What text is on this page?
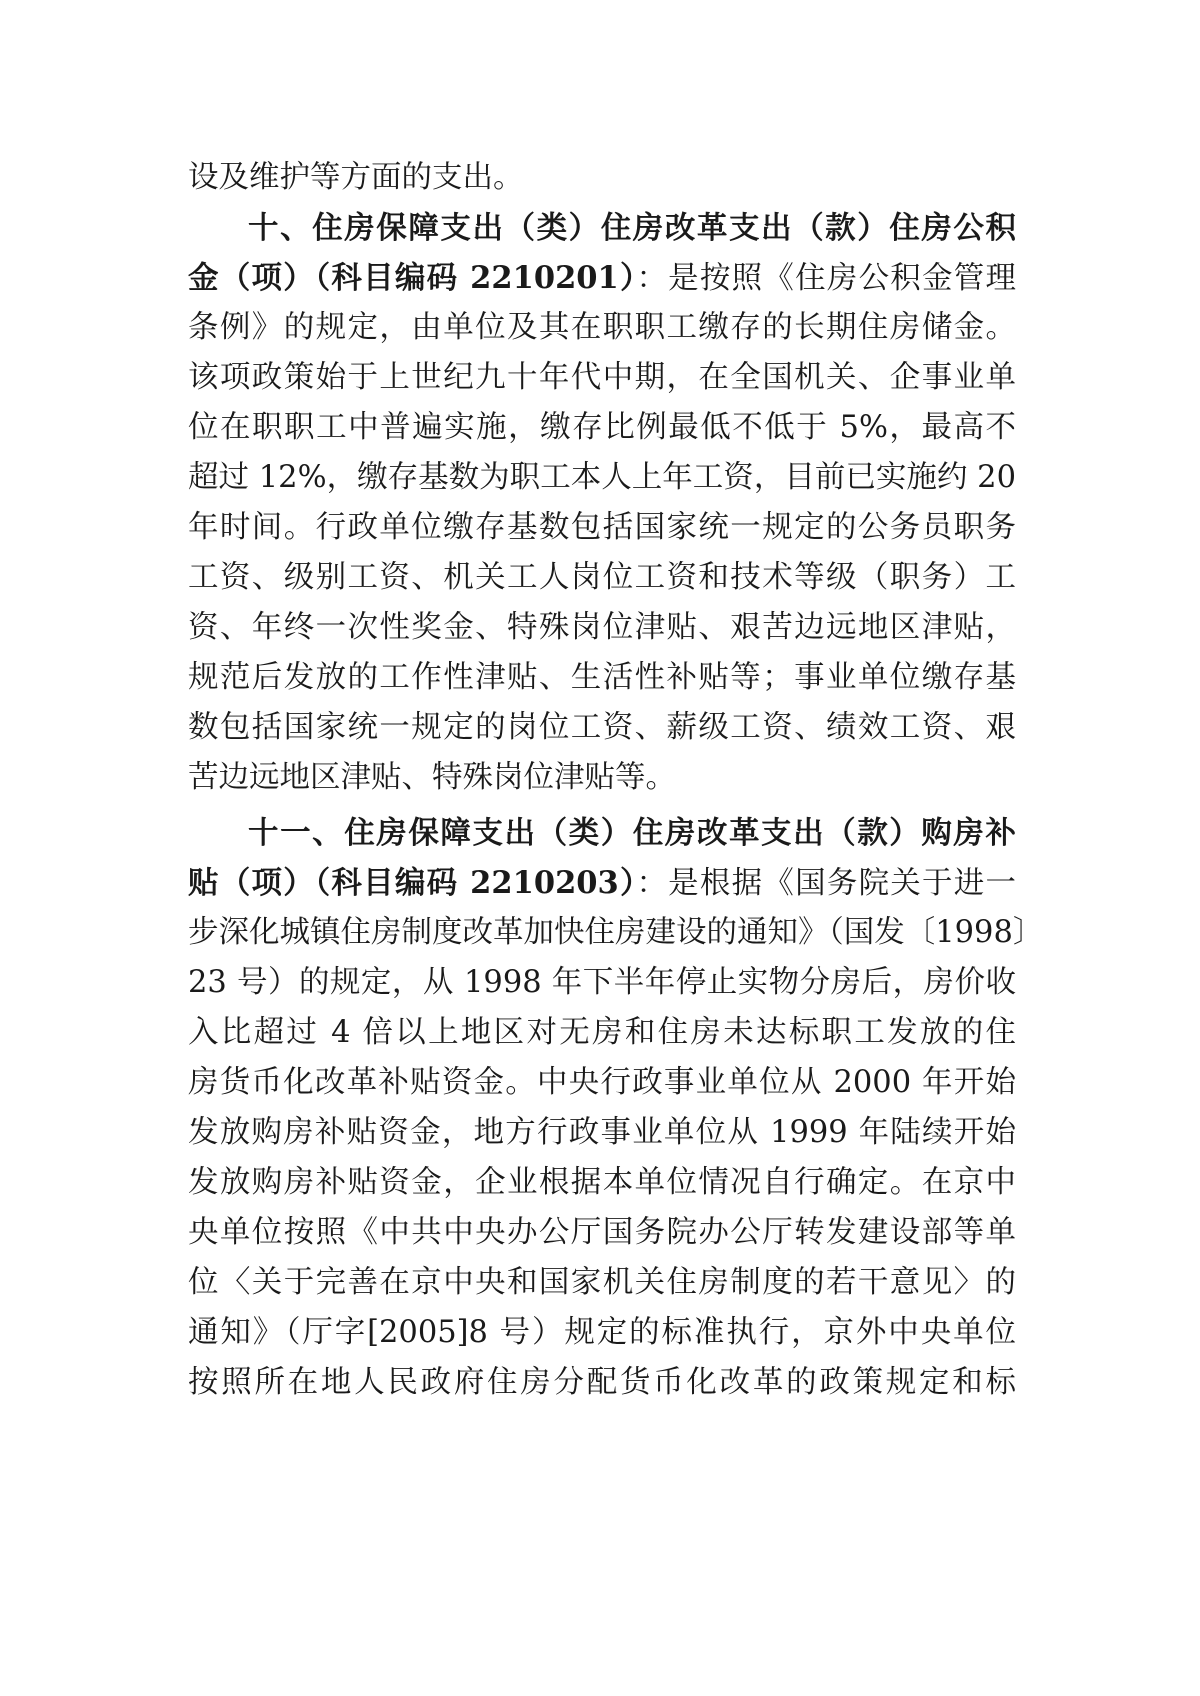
设及维护等方面的支出。
十、住房保障支出（类）住房改革支出（款）住房公积
金（项）（科目编码 2210201）：是按照《住房公积金管理
条例》的规定，由单位及其在职职工缴存的长期住房储金。
该项政策始于上世纪九十年代中期，在全国机关、企事业单
位在职职工中普遍实施，缴存比例最低不低于 5%，最高不
超过 12%，缴存基数为职工本人上年工资，目前已实施约 20
年时间。行政单位缴存基数包括国家统一规定的公务员职务
工资、级别工资、机关工人岗位工资和技术等级（职务）工
资、年终一次性奖金、特殊岗位津贴、艰苦边远地区津贴，
规范后发放的工作性津贴、生活性补贴等；事业单位缴存基
数包括国家统一规定的岗位工资、薪级工资、绩效工资、艰
苦边远地区津贴、特殊岗位津贴等。
十一、住房保障支出（类）住房改革支出（款）购房补
贴（项）（科目编码 2210203）：是根据《国务院关于进一
步深化城镇住房制度改革加快住房建设的通知》（国发〔1998〕
23 号）的规定，从 1998 年下半年停止实物分房后，房价收
入比超过 4 倍以上地区对无房和住房未达标职工发放的住
房货币化改革补贴资金。中央行政事业单位从 2000 年开始
发放购房补贴资金，地方行政事业单位从 1999 年陆续开始
发放购房补贴资金，企业根据本单位情况自行确定。在京中
央单位按照《中共中央办公厅国务院办公厅转发建设部等单
位〈关于完善在京中央和国家机关住房制度的若干意见〉的
通知》（厅字[2005]8 号）规定的标准执行，京外中央单位
按照所在地人民政府住房分配货币化改革的政策规定和标
